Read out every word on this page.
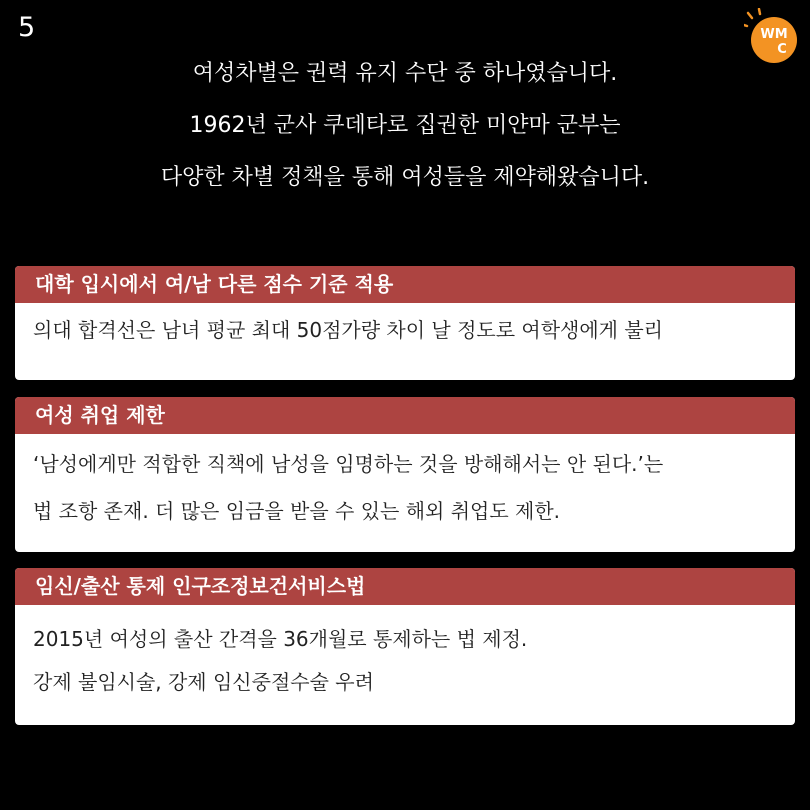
5	WM
C
여성차별은 권력 유지 수단 중 하나였습니다.
1962년 군사 쿠데타로 집권한 미얀마 군부는
다양한 차별 정책을 통해 여성들을 제약해왔습니다.
대학 입시에서 여/남 다른 점수 기준 적용
의대 합격선은 남녀 평균 최대 50점가량 차이 날 정도로 여학생에게 불리
여성 취업 제한
‘남성에게만 적합한 직책에 남성을 임명하는 것을 방해해서는 안 된다.’는
법 조항 존재. 더 많은 임금을 받을 수 있는 해외 취업도 제한.
임신/출산 통제 인구조정보건서비스법
2015년 여성의 출산 간격을 36개월로 통제하는 법 제정.
강제 불임시술, 강제 임신중절수술 우려
